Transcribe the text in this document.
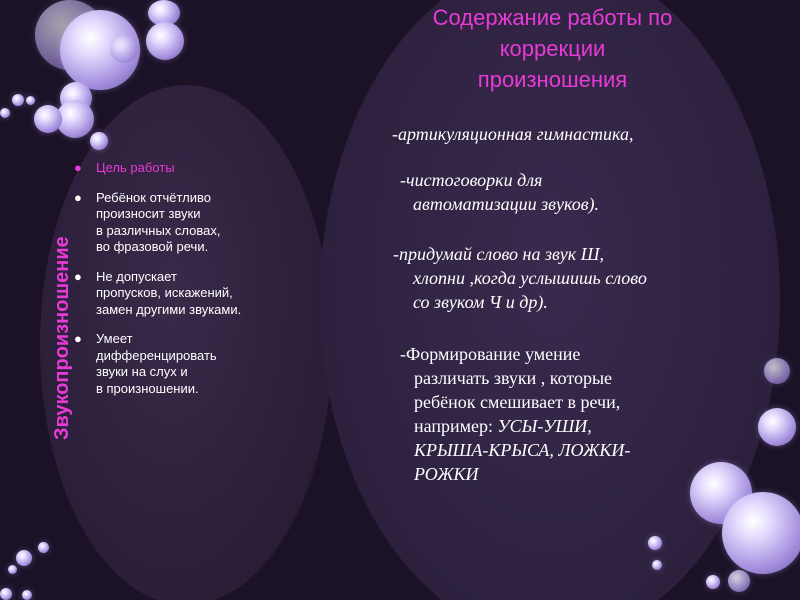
Содержание работы по
коррекции
произношения
Звукопроизношение
● Цель работы
● Ребёнок отчётливо
произносит звуки
в различных словах,
во фразовой речи.
● Не допускает
пропусков, искажений,
замен другими звуками.
● Умеет
дифференцировать
звуки на слух и
в произношении.
-артикуляционная гимнастика,
-чистоговорки для
автоматизации звуков).
-придумай слово на звук Ш,
хлопни ,когда услышишь слово
со звуком Ч и др).
-Формирование умение
различать звуки , которые
ребёнок смешивает в речи,
например: УСЫ-УШИ,
КРЫША-КРЫСА, ЛОЖКИ-
РОЖКИ
